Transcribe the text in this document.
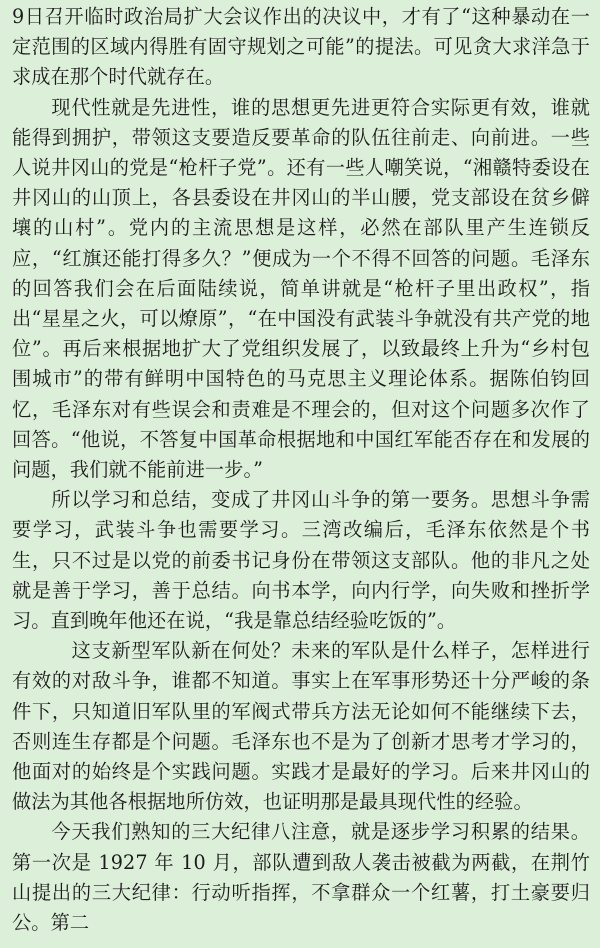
9日召开临时政治局扩大会议作出的决议中，才有了“这种暴动在一定范围的区域内得胜有固守规划之可能”的提法。可见贪大求洋急于求成在那个时代就存在。

现代性就是先进性，谁的思想更先进更符合实际更有效，谁就能得到拥护，带领这支要造反要革命的队伍往前走、向前进。一些人说井冈山的党是“枪杆子党”。还有一些人嘲笑说，“湘赣特委设在井冈山的山顶上，各县委设在井冈山的半山腰，党支部设在贫乡僻壤的山村”。党内的主流思想是这样，必然在部队里产生连锁反应，“红旗还能打得多久？”便成为一个不得不回答的问题。毛泽东的回答我们会在后面陆续说，简单讲就是“枪杆子里出政权”，指出“星星之火，可以燎原”，“在中国没有武装斗争就没有共产党的地位”。再后来根据地扩大了党组织发展了，以致最终上升为“乡村包围城市”的带有鲜明中国特色的马克思主义理论体系。据陈伯钧回忆，毛泽东对有些误会和责难是不理会的，但对这个问题多次作了回答。“他说，不答复中国革命根据地和中国红军能否存在和发展的问题，我们就不能前进一步。”

所以学习和总结，变成了井冈山斗争的第一要务。思想斗争需要学习，武装斗争也需要学习。三湾改编后，毛泽东依然是个书生，只不过是以党的前委书记身份在带领这支部队。他的非凡之处就是善于学习，善于总结。向书本学，向内行学，向失败和挫折学习。直到晚年他还在说，“我是靠总结经验吃饭的”。

这支新型军队新在何处？未来的军队是什么样子，怎样进行有效的对敌斗争，谁都不知道。事实上在军事形势还十分严峻的条件下，只知道旧军队里的军阀式带兵方法无论如何不能继续下去，否则连生存都是个问题。毛泽东也不是为了创新才思考才学习的，他面对的始终是个实践问题。实践才是最好的学习。后来井冈山的做法为其他各根据地所仿效，也证明那是最具现代性的经验。

今天我们熟知的三大纪律八注意，就是逐步学习积累的结果。第一次是 1927 年 10 月，部队遭到敌人袭击被截为两截，在荆竹山提出的三大纪律：行动听指挥，不拿群众一个红薯，打土豪要归公。第二
